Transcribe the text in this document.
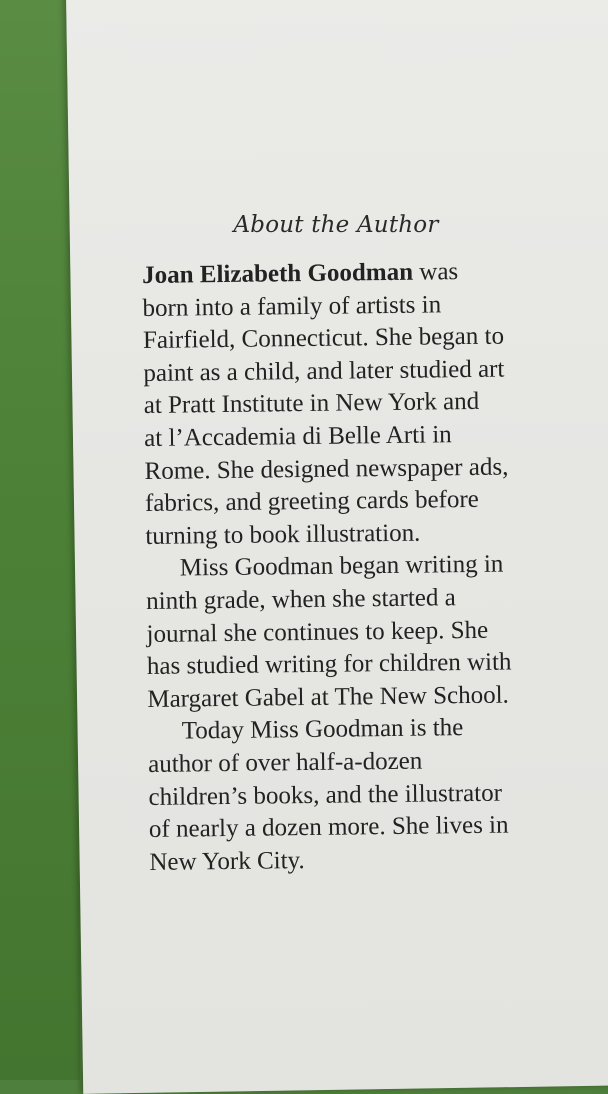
About the Author

Joan Elizabeth Goodman was
born into a family of artists in
Fairfield, Connecticut. She began to
paint as a child, and later studied art
at Pratt Institute in New York and
at l’Accademia di Belle Arti in
Rome. She designed newspaper ads,
fabrics, and greeting cards before
turning to book illustration.

Miss Goodman began writing in
ninth grade, when she started a
journal she continues to keep. She
has studied writing for children with
Margaret Gabel at The New School.

Today Miss Goodman is the
author of over half-a-dozen
children’s books, and the illustrator
of nearly a dozen more. She lives in
New York City.
